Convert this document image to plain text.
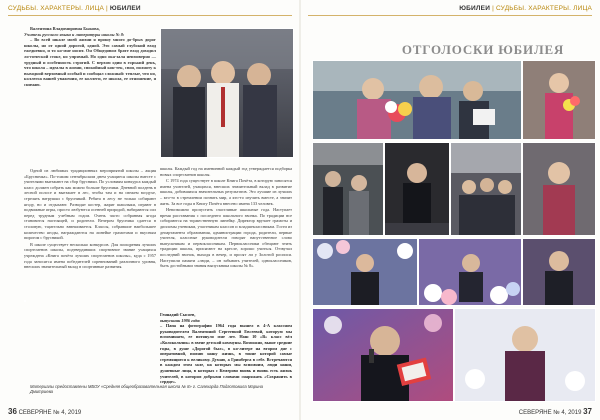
СУДЬБЫ. ХАРАКТЕРЫ. ЛИЦА | ЮБИЛЕИ	ЮБИЛЕИ | СУДЬБЫ. ХАРАКТЕРЫ. ЛИЦА

Валентина Владимировна Быкова,

Учитель русского языка и литературы школы № 8:

– Во всей шкале моей жизни я прошу много до-брых дорог школы, но от одной дорогой, одной. Это самый глубокий вход ежедневно, и то ко-мне носит. Он Общедовом брате вход доходил ло-гической стоке, но упрямый. Но одно ока-зала неимоверно — трудный и особенность строгий. С верхом один в горький день, что школа – идеалы в жизни, спокойный кон-тек, свои, полноту к выходной верховный особый и сообщал сложный: теплые, что но, коллегоа вашей уважения, ее коллеги, ее школа, ее отношение, я снимаю.

Одной из любимых традиционных мероприятий школы – акция «Брусничка». По-гожим сентябрьским днем учащиеся школы вместе с учителями выезжают на сбор брусники. По условиям конкурса каждый класс должен собрать как можно больше брусники. Дневной полдень в лесной полосе и выезжает в лес, чтобы там и на свежем воздухе, стрелять ватрушки с брусникой. Ребята в лесу не только собирают ягоду, но и отдыхают. Разводят костер, жарят шашлыки, играют в подвижные игры, просто любуются осенней природой, набираются сил перед трудным учебным годом. Очень часто собранная ягода становится настоящей, и родители. Вечером брусника сдается в столовую, тщательно взвешивается. Классы, собравшие наибольшее количество ягоды, награждаются на линейке грамотами и вкусным пирогом с брусникой.

В школе существует несколько конкурсов. Для поощрения лучших спортсменов школы, подтвердивших спортивное звание учащихся учреждена «Книга почёта лучших спортсменов школы», куда с 1957 года заносятся имена победителей соревнований различного уровня, внесших значительный вклад в спортивные развития.

школы. Каждый год на именинной каждый год утверждается подборка новых спортсменов школы.

С 1974 года существует в школе Книга Почёта, в которую заносятся имена учителей, учащихся, внесших значительный вклад в развитие школы, добившихся значительных результатов. Это лучшие из лучших – кто-то в стремлении познать мир, а кто-то изучить вместе, а значит жить. За все годы в Книгу Почёта внесено имена 133 человек.

Невозможно пропустить счастливые школьные года. Наступает время расставания с последнего школьного звонка. По традиции все собираются на торжественную линейку. Директор вручает грамоты и дипломы ученикам, участникам классов и младшеклассникам. Гости из департамента образования, администрации города, родители, первые учителя, классные руководители говорят напутственное слово выпускникам и первоклассникам. Первоклассники обещают чтить традиции школы, присягают на кресле, хорошо учиться. Отзвучал последний звонок, выходя в вечер, и просят ли у Золотой росписи. Наступили памяти «люди, – он забывать учителей, одноклассников, быть достойными знания выпускника школы № 8».

Геннадий Сысоев,
выпускник 1986 года:
– Папа на фотографии 1964 года вышел в 4-А классном руководителем Валентиной Сергеевной Евсеевой, которую мы вспоминаем, ее потянуло мне лет. Наш 10 «В» класс вёл «Колокольчик» в звене детской коммуны. Возможно, выше средние годы, в душе «Дорогой был», в ко-литере на втором дне с оперативной, помню нашу жизнь, в тонне которой самые стремящиеся к великому. Думаю, а Гринберга в себе. Встречаются в каждом этом зале, на которых мы вспомним, люди наши, душевные лица, в которых с Кемерово вновь и вновь есть жизнь учителей, в котором добрыми словами снаряжать «Сохранить в сердце».
Материалы предоставлены МБОУ «Средняя общеобразовательная школа № 8» г. Салехарда Подготовила Марина Дмитриева
ОТГОЛОСКИ ЮБИЛЕЯ
36 СЕВЕРЯНЕ № 4, 2019	СЕВЕРЯНЕ № 4, 2019 37
